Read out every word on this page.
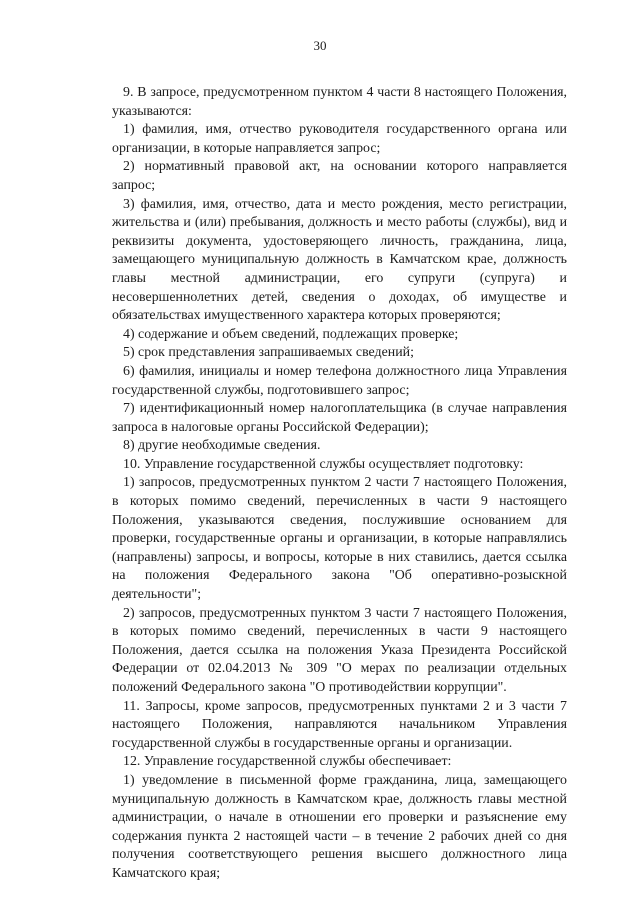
30

9. В запросе, предусмотренном пунктом 4 части 8 настоящего Положения, указываются:

1) фамилия, имя, отчество руководителя государственного органа или организации, в которые направляется запрос;

2) нормативный правовой акт, на основании которого направляется запрос;

3) фамилия, имя, отчество, дата и место рождения, место регистрации, жительства и (или) пребывания, должность и место работы (службы), вид и реквизиты документа, удостоверяющего личность, гражданина, лица, замещающего муниципальную должность в Камчатском крае, должность главы местной администрации, его супруги (супруга) и несовершеннолетних детей, сведения о доходах, об имуществе и обязательствах имущественного характера которых проверяются;

4) содержание и объем сведений, подлежащих проверке;

5) срок представления запрашиваемых сведений;

6) фамилия, инициалы и номер телефона должностного лица Управления государственной службы, подготовившего запрос;

7) идентификационный номер налогоплательщика (в случае направления запроса в налоговые органы Российской Федерации);

8) другие необходимые сведения.

10. Управление государственной службы осуществляет подготовку:

1) запросов, предусмотренных пунктом 2 части 7 настоящего Положения, в которых помимо сведений, перечисленных в части 9 настоящего Положения, указываются сведения, послужившие основанием для проверки, государственные органы и организации, в которые направлялись (направлены) запросы, и вопросы, которые в них ставились, дается ссылка на положения Федерального закона "Об оперативно-розыскной деятельности";

2) запросов, предусмотренных пунктом 3 части 7 настоящего Положения, в которых помимо сведений, перечисленных в части 9 настоящего Положения, дается ссылка на положения Указа Президента Российской Федерации от 02.04.2013 № 309 "О мерах по реализации отдельных положений Федерального закона "О противодействии коррупции".

11. Запросы, кроме запросов, предусмотренных пунктами 2 и 3 части 7 настоящего Положения, направляются начальником Управления государственной службы в государственные органы и организации.

12. Управление государственной службы обеспечивает:

1) уведомление в письменной форме гражданина, лица, замещающего муниципальную должность в Камчатском крае, должность главы местной администрации, о начале в отношении его проверки и разъяснение ему содержания пункта 2 настоящей части – в течение 2 рабочих дней со дня получения соответствующего решения высшего должностного лица Камчатского края;
